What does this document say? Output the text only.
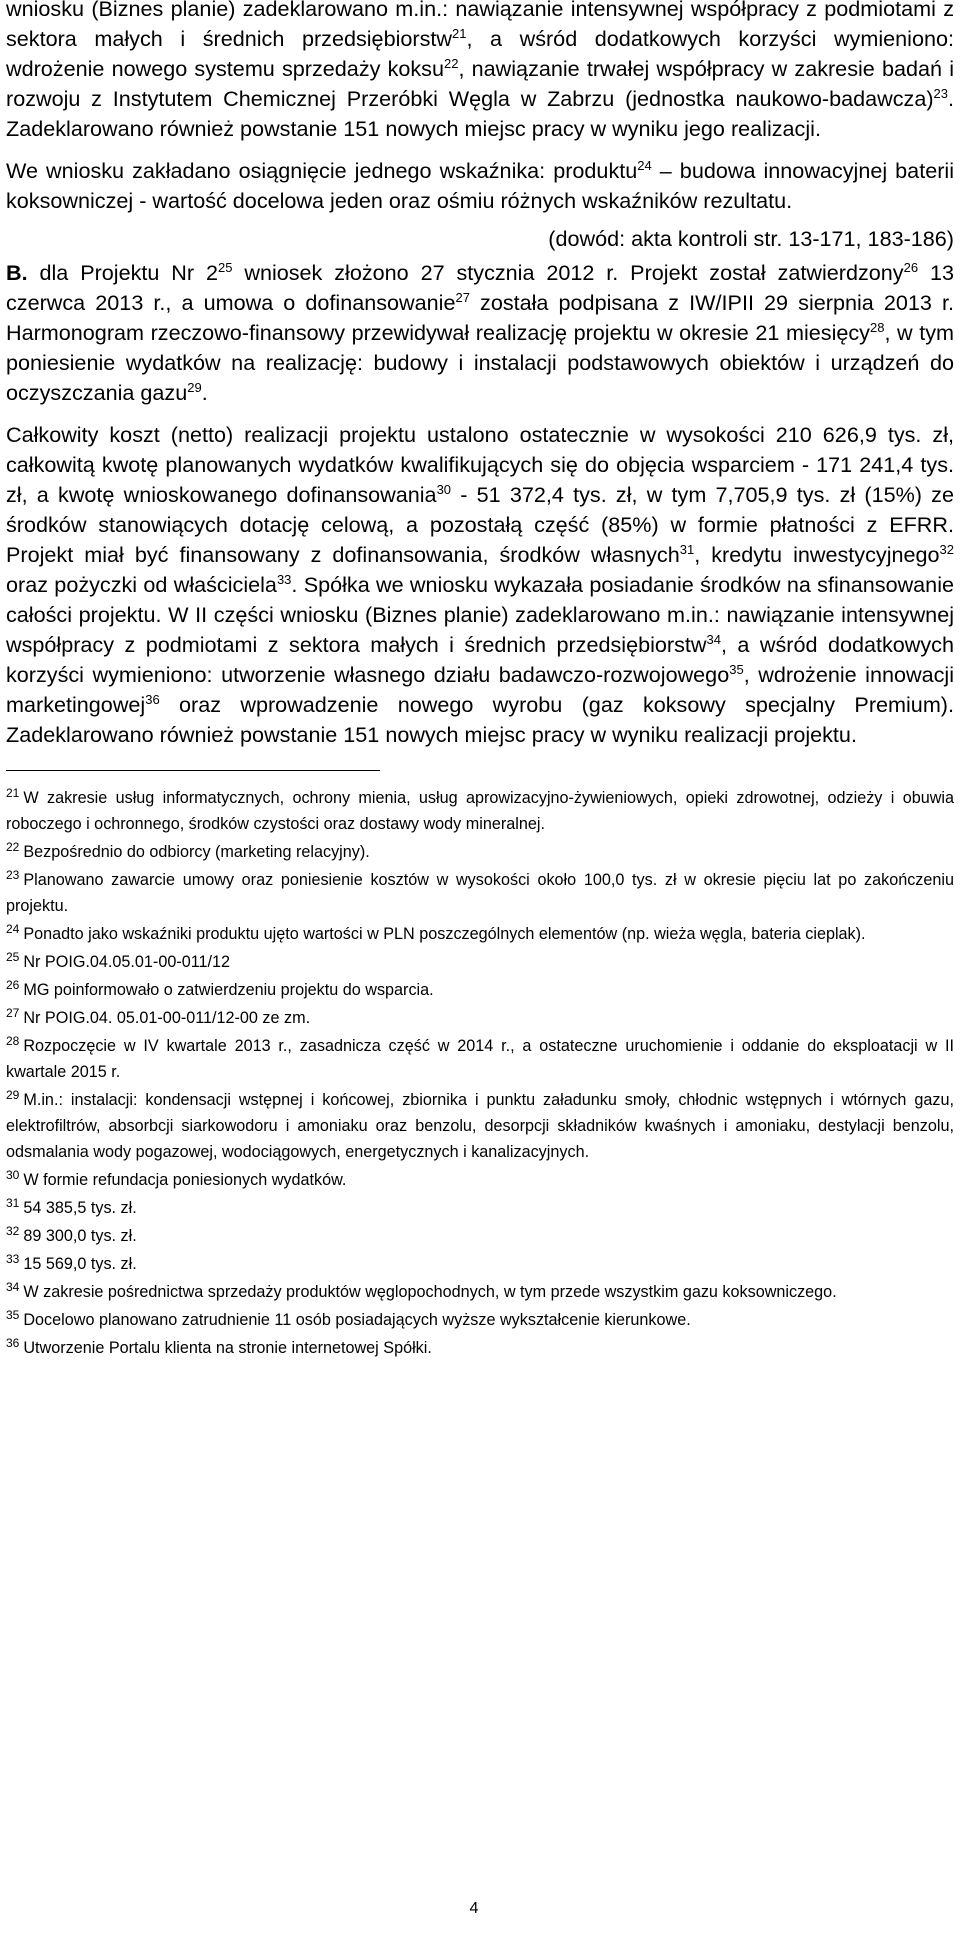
wniosku (Biznes planie) zadeklarowano m.in.: nawiązanie intensywnej współpracy z podmiotami z sektora małych i średnich przedsiębiorstw$^{21}$, a wśród dodatkowych korzyści wymieniono: wdrożenie nowego systemu sprzedaży koksu$^{22}$, nawiązanie trwałej współpracy w zakresie badań i rozwoju z Instytutem Chemicznej Przeróbki Węgla w Zabrzu (jednostka naukowo-badawcza)$^{23}$. Zadeklarowano również powstanie 151 nowych miejsc pracy w wyniku jego realizacji.

We wniosku zakładano osiągnięcie jednego wskaźnika: produktu$^{24}$ – budowa innowacyjnej baterii koksowniczej - wartość docelowa jeden oraz ośmiu różnych wskaźników rezultatu.

(dowód: akta kontroli str. 13-171, 183-186)

B. dla Projektu Nr $2^{25}$ wniosek złożono 27 stycznia 2012 r. Projekt został zatwierdzony$^{26}$ 13 czerwca 2013 r., a umowa o dofinansowanie$^{27}$ została podpisana z IW/IPII 29 sierpnia 2013 r. Harmonogram rzeczowo-finansowy przewidywał realizację projektu w okresie 21 miesięcy$^{28}$, w tym poniesienie wydatków na realizację: budowy i instalacji podstawowych obiektów i urządzeń do oczyszczania gazu$^{29}$.

Całkowity koszt (netto) realizacji projektu ustalono ostatecznie w wysokości 210 626,9 tys. zł, całkowitą kwotę planowanych wydatków kwalifikujących się do objęcia wsparciem - 171 241,4 tys. zł, a kwotę wnioskowanego dofinansowania$^{30}$ - 51 372,4 tys. zł, w tym 7,705,9 tys. zł (15%) ze środków stanowiących dotację celową, a pozostałą część (85%) w formie płatności z EFRR. Projekt miał być finansowany z dofinansowania, środków własnych$^{31}$, kredytu inwestycyjnego$^{32}$ oraz pożyczki od właściciela$^{33}$. Spółka we wniosku wykazała posiadanie środków na sfinansowanie całości projektu. W II części wniosku (Biznes planie) zadeklarowano m.in.: nawiązanie intensywnej współpracy z podmiotami z sektora małych i średnich przedsiębiorstw$^{34}$, a wśród dodatkowych korzyści wymieniono: utworzenie własnego działu badawczo-rozwojowego$^{35}$, wdrożenie innowacji marketingowej$^{36}$ oraz wprowadzenie nowego wyrobu (gaz koksowy specjalny Premium). Zadeklarowano również powstanie 151 nowych miejsc pracy w wyniku realizacji projektu.

$^{21}$ W zakresie usług informatycznych, ochrony mienia, usług aprowizacyjno-żywieniowych, opieki zdrowotnej, odzieży i obuwia roboczego i ochronnego, środków czystości oraz dostawy wody mineralnej.

$^{22}$ Bezpośrednio do odbiorcy (marketing relacyjny).

$^{23}$ Planowano zawarcie umowy oraz poniesienie kosztów w wysokości około 100,0 tys. zł w okresie pięciu lat po zakończeniu projektu.

$^{24}$ Ponadto jako wskaźniki produktu ujęto wartości w PLN poszczególnych elementów (np. wieża węgla, bateria cieplak).

$^{25}$ Nr POIG.04.05.01-00-011/12

$^{26}$ MG poinformowało o zatwierdzeniu projektu do wsparcia.

$^{27}$ Nr POIG.04. 05.01-00-011/12-00 ze zm.

$^{28}$ Rozpoczęcie w IV kwartale 2013 r., zasadnicza część w 2014 r., a ostateczne uruchomienie i oddanie do eksploatacji w II kwartale 2015 r.

$^{29}$ M.in.: instalacji: kondensacji wstępnej i końcowej, zbiornika i punktu załadunku smoły, chłodnic wstępnych i wtórnych gazu, elektrofiltrów, absorbcji siarkowodoru i amoniaku oraz benzolu, desorpcji składników kwaśnych i amoniaku, destylacji benzolu, odsmalania wody pogazowej, wodociągowych, energetycznych i kanalizacyjnych.

$^{30}$ W formie refundacja poniesionych wydatków.

$^{31}$ 54 385,5 tys. zł.

$^{32}$ 89 300,0 tys. zł.

$^{33}$ 15 569,0 tys. zł.

$^{34}$ W zakresie pośrednictwa sprzedaży produktów węglopochodnych, w tym przede wszystkim gazu koksowniczego.

$^{35}$ Docelowo planowano zatrudnienie 11 osób posiadających wyższe wykształcenie kierunkowe.

$^{36}$ Utworzenie Portalu klienta na stronie internetowej Spółki.

4
